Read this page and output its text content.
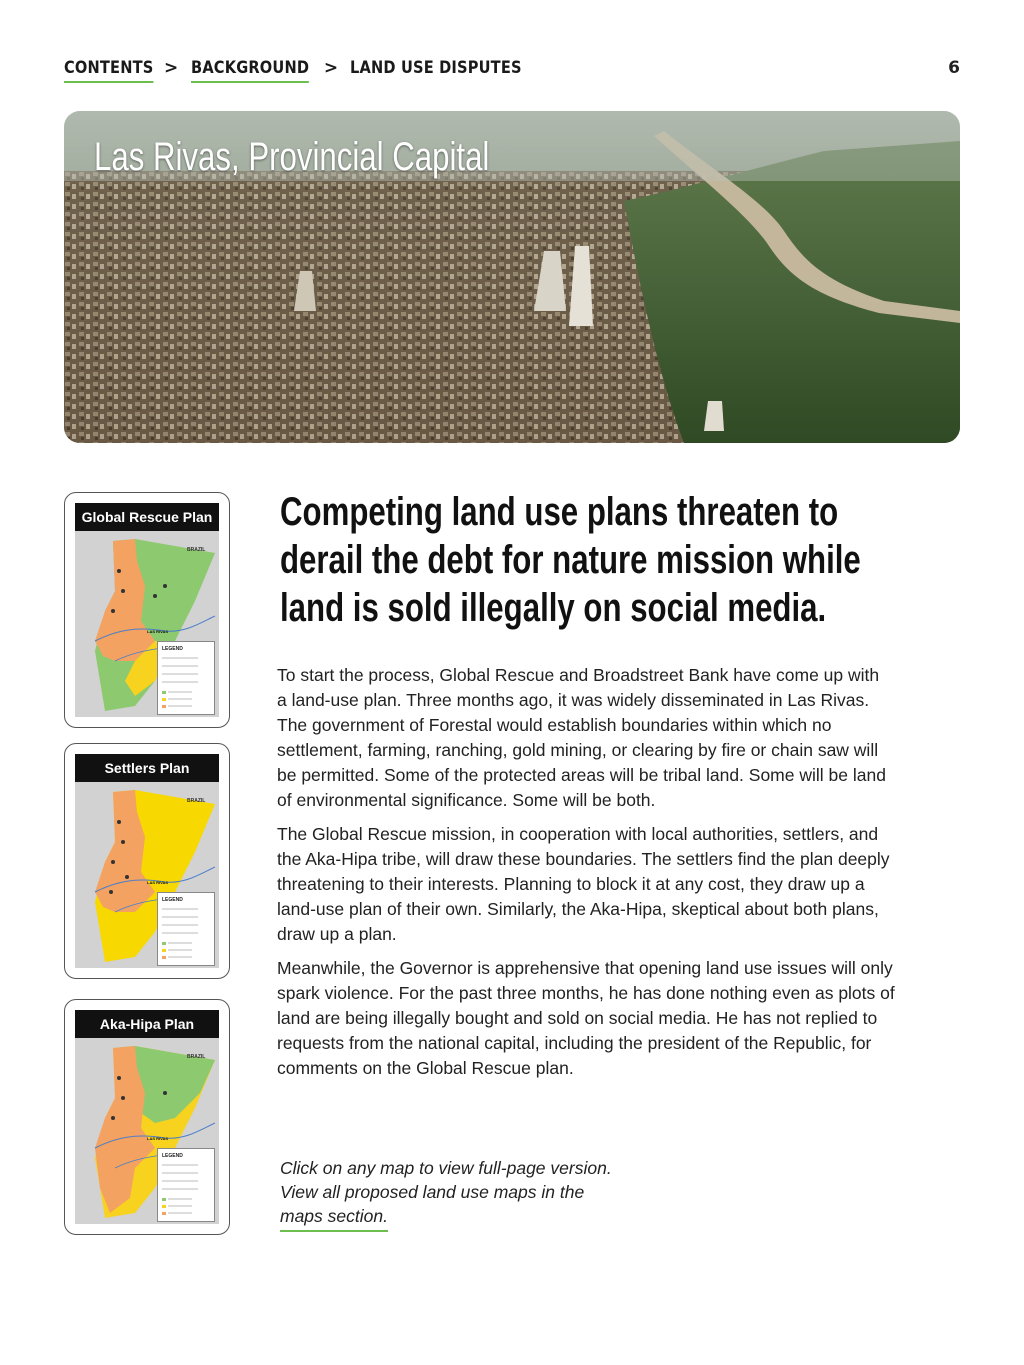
CONTENTS > BACKGROUND > LAND USE DISPUTES	6
Las Rivas, Provincial Capital
Global Rescue Plan
BRAZIL
LAS RIVAS
LEGEND
Settlers Plan
BRAZIL
LAS RIVAS
LEGEND
Aka-Hipa Plan
BRAZIL
LAS RIVAS
LEGEND
Competing land use plans threaten to
derail the debt for nature mission while
land is sold illegally on social media.

To start the process, Global Rescue and Broadstreet Bank have come up with
a land-use plan. Three months ago, it was widely disseminated in Las Rivas.
The government of Forestal would establish boundaries within which no
settlement, farming, ranching, gold mining, or clearing by fire or chain saw will
be permitted. Some of the protected areas will be tribal land. Some will be land
of environmental significance. Some will be both.

The Global Rescue mission, in cooperation with local authorities, settlers, and
the Aka-Hipa tribe, will draw these boundaries. The settlers find the plan deeply
threatening to their interests. Planning to block it at any cost, they draw up a
land-use plan of their own. Similarly, the Aka-Hipa, skeptical about both plans,
draw up a plan.

Meanwhile, the Governor is apprehensive that opening land use issues will only
spark violence. For the past three months, he has done nothing even as plots of
land are being illegally bought and sold on social media. He has not replied to
requests from the national capital, including the president of the Republic, for
comments on the Global Rescue plan.

Click on any map to view full-page version.
View all proposed land use maps in the
maps section.
